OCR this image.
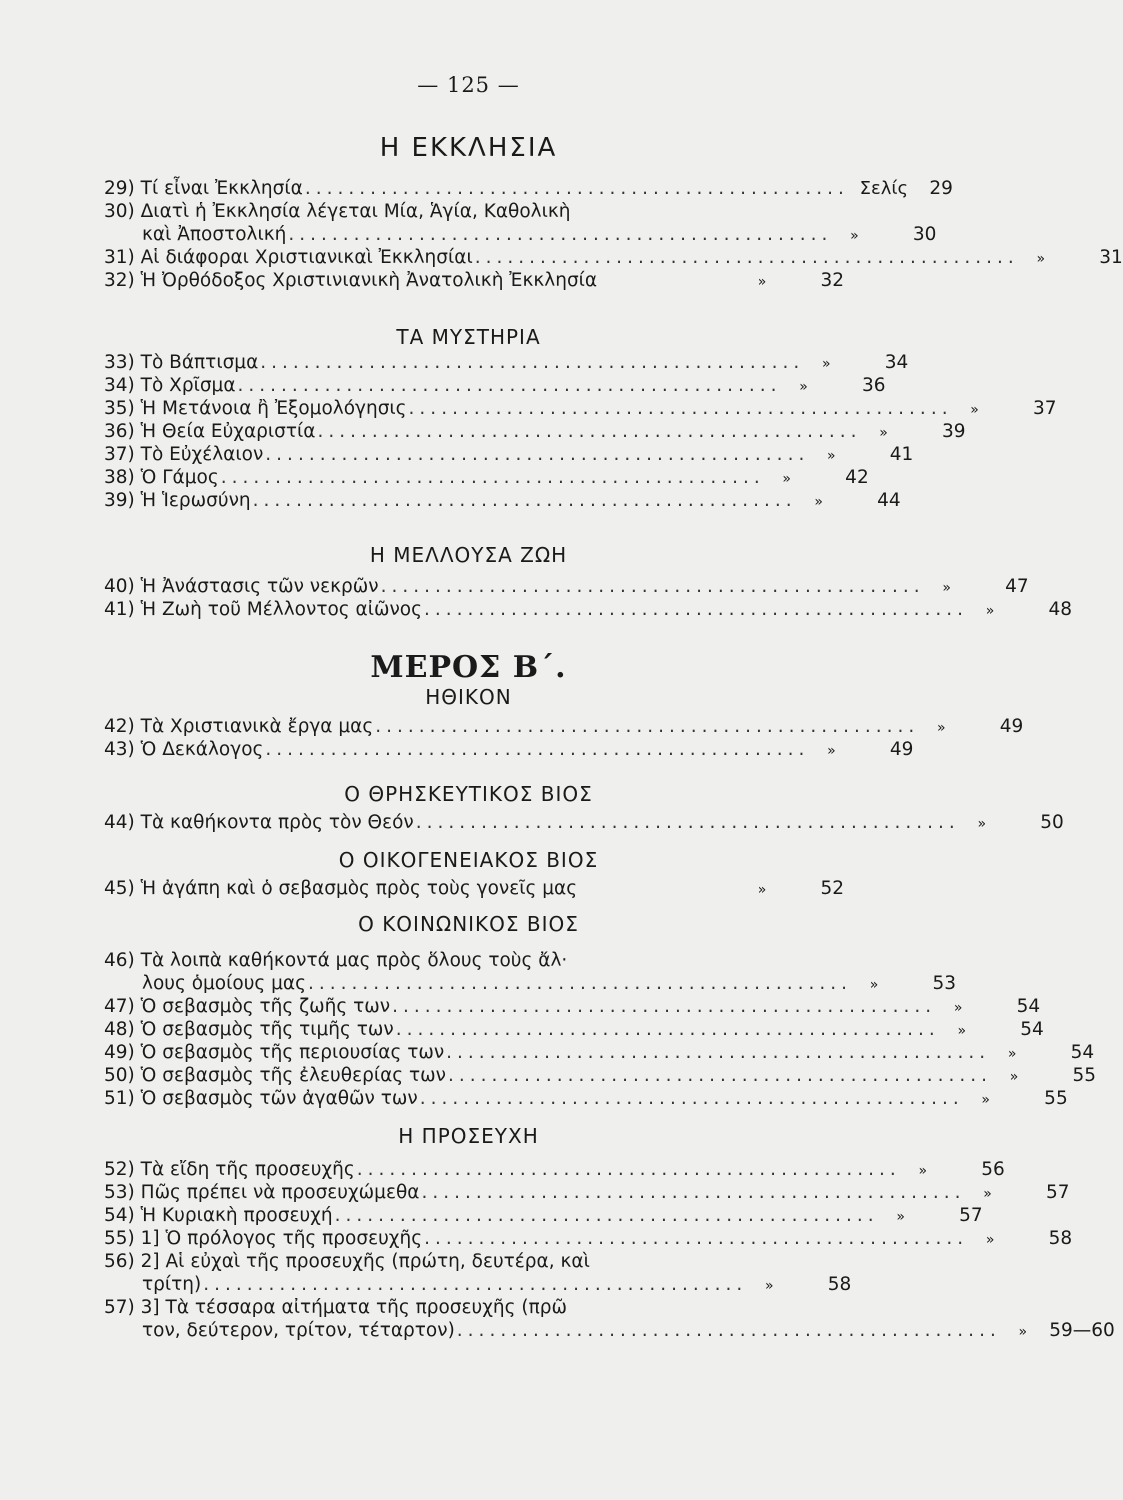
— 125 —
Η ΕΚΚΛΗΣΙΑ
29) Τί εἶναι Ἐκκλησία .................................................. Σελίς	29
30) Διατὶ ἡ Ἐκκλησία λέγεται Μία, Ἁγία, Καθολικὴ
καὶ Ἀποστολική ..................................................	»	30
31) Αἱ διάφοραι Χριστιανικαὶ Ἐκκλησίαι ..................................................	»	31
32) Ἡ Ὀρθόδοξος Χριστινιανικὴ Ἀνατολικὴ Ἐκκλησία	»	32
ΤΑ ΜΥΣΤΗΡΙΑ
33) Τὸ Βάπτισμα ..................................................	»	34
34) Τὸ Χρῖσμα ..................................................	»	36
35) Ἡ Μετάνοια ἢ Ἐξομολόγησις ..................................................	»	37
36) Ἡ Θεία Εὐχαριστία ..................................................	»	39
37) Τὸ Εὐχέλαιον ..................................................	»	41
38) Ὁ Γάμος ..................................................	»	42
39) Ἡ Ἱερωσύνη ..................................................	»	44
Η ΜΕΛΛΟΥΣΑ ΖΩΗ
40) Ἡ Ἀνάστασις τῶν νεκρῶν ..................................................	»	47
41) Ἡ Ζωὴ τοῦ Μέλλοντος αἰῶνος ..................................................	»	48
ΜΕΡΟΣ Β΄.
ΗΘΙΚΟΝ
42) Τὰ Χριστιανικὰ ἔργα μας ..................................................	»	49
43) Ὁ Δεκάλογος ..................................................	»	49
Ο ΘΡΗΣΚΕΥΤΙΚΟΣ ΒΙΟΣ
44) Τὰ καθήκοντα πρὸς τὸν Θεόν ..................................................	»	50
Ο ΟΙΚΟΓΕΝΕΙΑΚΟΣ ΒΙΟΣ
45) Ἡ ἀγάπη καὶ ὁ σεβασμὸς πρὸς τοὺς γονεῖς μας	»	52
Ο ΚΟΙΝΩΝΙΚΟΣ ΒΙΟΣ
46) Τὰ λοιπὰ καθήκοντά μας πρὸς ὅλους τοὺς ἄλ·
λους ὁμοίους μας ..................................................	»	53
47) Ὁ σεβασμὸς τῆς ζωῆς των ..................................................	»	54
48) Ὁ σεβασμὸς τῆς τιμῆς των ..................................................	»	54
49) Ὁ σεβασμὸς τῆς περιουσίας των ..................................................	»	54
50) Ὁ σεβασμὸς τῆς ἐλευθερίας των ..................................................	»	55
51) Ὁ σεβασμὸς τῶν ἀγαθῶν των ..................................................	»	55
Η ΠΡΟΣΕΥΧΗ
52) Τὰ εἴδη τῆς προσευχῆς ..................................................	»	56
53) Πῶς πρέπει νὰ προσευχώμεθα ..................................................	»	57
54) Ἡ Κυριακὴ προσευχή ..................................................	»	57
55) 1] Ὁ πρόλογος τῆς προσευχῆς ..................................................	»	58
56) 2] Αἱ εὐχαὶ τῆς προσευχῆς (πρώτη, δευτέρα, καὶ
τρίτη) ..................................................	»	58
57) 3] Τὰ τέσσαρα αἰτήματα τῆς προσευχῆς (πρῶ
τον, δεύτερον, τρίτον, τέταρτον) ..................................................	»	59—60
